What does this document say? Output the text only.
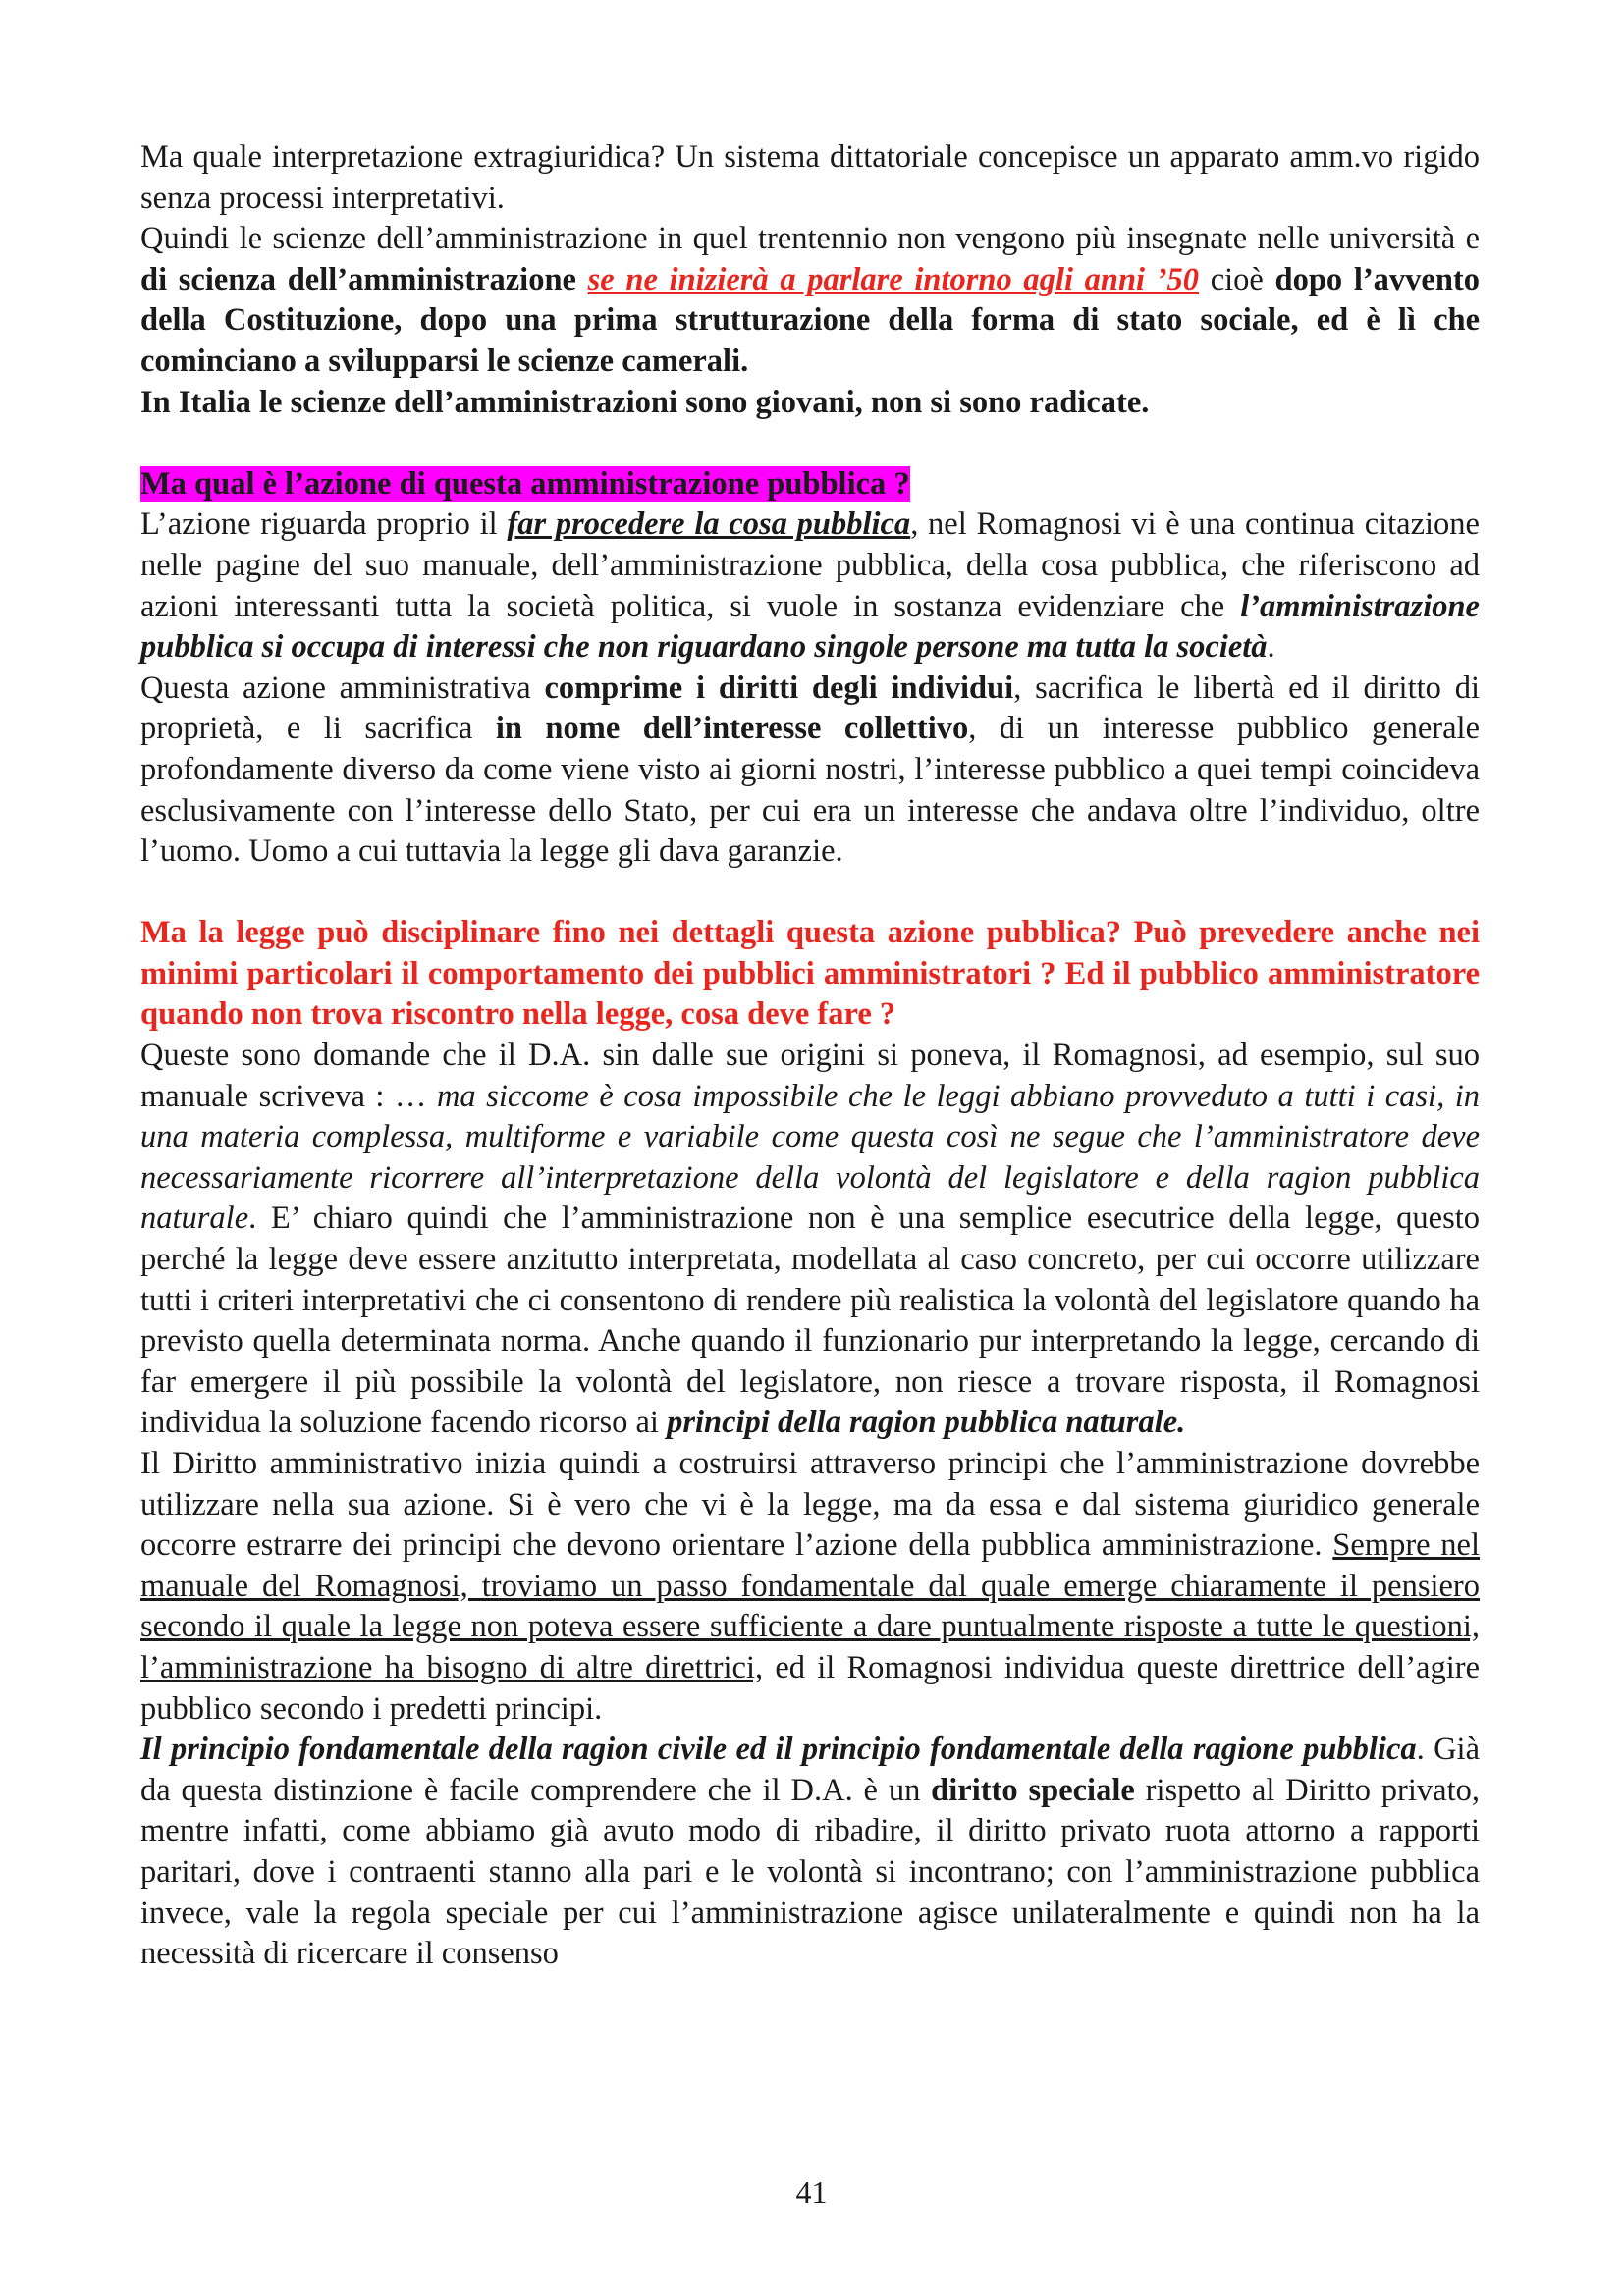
Ma quale interpretazione extragiuridica? Un sistema dittatoriale concepisce un apparato amm.vo rigido senza processi interpretativi.

Quindi le scienze dell’amministrazione in quel trentennio non vengono più insegnate nelle università e di scienza dell’amministrazione se ne inizierà a parlare intorno agli anni ’50 cioè dopo l’avvento della Costituzione, dopo una prima strutturazione della forma di stato sociale, ed è lì che cominciano a svilupparsi le scienze camerali.

In Italia le scienze dell’amministrazioni sono giovani, non si sono radicate.

Ma qual è l’azione di questa amministrazione pubblica ?

L’azione riguarda proprio il far procedere la cosa pubblica, nel Romagnosi vi è una continua citazione nelle pagine del suo manuale, dell’amministrazione pubblica, della cosa pubblica, che riferiscono ad azioni interessanti tutta la società politica, si vuole in sostanza evidenziare che l’amministrazione pubblica si occupa di interessi che non riguardano singole persone ma tutta la società.

Questa azione amministrativa comprime i diritti degli individui, sacrifica le libertà ed il diritto di proprietà, e li sacrifica in nome dell’interesse collettivo, di un interesse pubblico generale profondamente diverso da come viene visto ai giorni nostri, l’interesse pubblico a quei tempi coincideva esclusivamente con l’interesse dello Stato, per cui era un interesse che andava oltre l’individuo, oltre l’uomo. Uomo a cui tuttavia la legge gli dava garanzie.

Ma la legge può disciplinare fino nei dettagli questa azione pubblica? Può prevedere anche nei minimi particolari il comportamento dei pubblici amministratori ? Ed il pubblico amministratore quando non trova riscontro nella legge, cosa deve fare ?

Queste sono domande che il D.A. sin dalle sue origini si poneva, il Romagnosi, ad esempio, sul suo manuale scriveva : … ma siccome è cosa impossibile che le leggi abbiano provveduto a tutti i casi, in una materia complessa, multiforme e variabile come questa così ne segue che l’amministratore deve necessariamente ricorrere all’interpretazione della volontà del legislatore e della ragion pubblica naturale. E’ chiaro quindi che l’amministrazione non è una semplice esecutrice della legge, questo perché la legge deve essere anzitutto interpretata, modellata al caso concreto, per cui occorre utilizzare tutti i criteri interpretativi che ci consentono di rendere più realistica la volontà del legislatore quando ha previsto quella determinata norma. Anche quando il funzionario pur interpretando la legge, cercando di far emergere il più possibile la volontà del legislatore, non riesce a trovare risposta, il Romagnosi individua la soluzione facendo ricorso ai principi della ragion pubblica naturale.

Il Diritto amministrativo inizia quindi a costruirsi attraverso principi che l’amministrazione dovrebbe utilizzare nella sua azione. Si è vero che vi è la legge, ma da essa e dal sistema giuridico generale occorre estrarre dei principi che devono orientare l’azione della pubblica amministrazione. Sempre nel manuale del Romagnosi, troviamo un passo fondamentale dal quale emerge chiaramente il pensiero secondo il quale la legge non poteva essere sufficiente a dare puntualmente risposte a tutte le questioni, l’amministrazione ha bisogno di altre direttrici, ed il Romagnosi individua queste direttrice dell’agire pubblico secondo i predetti principi.

Il principio fondamentale della ragion civile ed il principio fondamentale della ragione pubblica. Già da questa distinzione è facile comprendere che il D.A. è un diritto speciale rispetto al Diritto privato, mentre infatti, come abbiamo già avuto modo di ribadire, il diritto privato ruota attorno a rapporti paritari, dove i contraenti stanno alla pari e le volontà si incontrano; con l’amministrazione pubblica invece, vale la regola speciale per cui l’amministrazione agisce unilateralmente e quindi non ha la necessità di ricercare il consenso

41
